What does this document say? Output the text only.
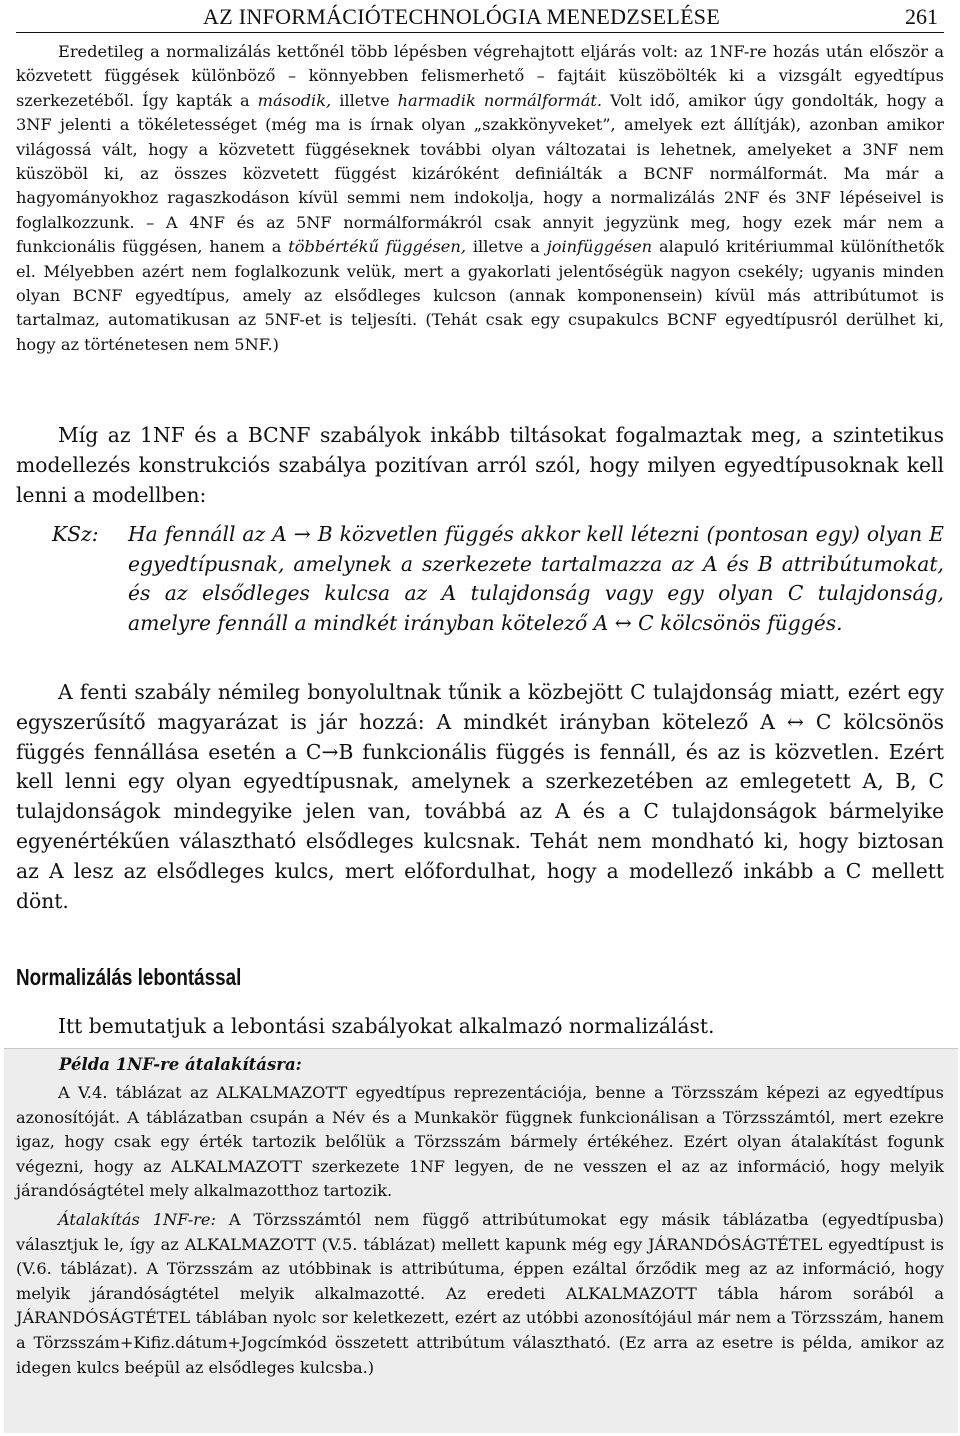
AZ INFORMÁCIÓTECHNOLÓGIA MENEDZSELÉSE	261

Eredetileg a normalizálás kettőnél több lépésben végrehajtott eljárás volt: az 1NF-re hozás után először a közvetett függések különböző – könnyebben felismerhető – fajtáit küszöbölték ki a vizsgált egyedtípus szerkezetéből. Így kapták a második, illetve harmadik normálformát. Volt idő, amikor úgy gondolták, hogy a 3NF jelenti a tökéletességet (még ma is írnak olyan „szakkönyveket”, amelyek ezt állítják), azonban amikor világossá vált, hogy a közvetett függéseknek további olyan változatai is lehetnek, amelyeket a 3NF nem küszöböl ki, az összes közvetett függést kizáróként definiálták a BCNF normálformát. Ma már a hagyományokhoz ragaszkodáson kívül semmi nem indokolja, hogy a normalizálás 2NF és 3NF lépéseivel is foglalkozzunk. – A 4NF és az 5NF normálformákról csak annyit jegyzünk meg, hogy ezek már nem a funkcionális függésen, hanem a többértékű függésen, illetve a joinfüggésen alapuló kritériummal különíthetők el. Mélyebben azért nem foglalkozunk velük, mert a gyakorlati jelentőségük nagyon csekély; ugyanis minden olyan BCNF egyedtípus, amely az elsődleges kulcson (annak komponensein) kívül más attribútumot is tartalmaz, automatikusan az 5NF-et is teljesíti. (Tehát csak egy csupakulcs BCNF egyedtípusról derülhet ki, hogy az történetesen nem 5NF.)

Míg az 1NF és a BCNF szabályok inkább tiltásokat fogalmaztak meg, a szintetikus modellezés konstrukciós szabálya pozitívan arról szól, hogy milyen egyedtípusoknak kell lenni a modellben:

KSz: Ha fennáll az A → B közvetlen függés akkor kell létezni (pontosan egy) olyan E egyedtípusnak, amelynek a szerkezete tartalmazza az A és B attribútumokat, és az elsődleges kulcsa az A tulajdonság vagy egy olyan C tulajdonság, amelyre fennáll a mindkét irányban kötelező A ↔ C kölcsönös függés.

A fenti szabály némileg bonyolultnak tűnik a közbejött C tulajdonság miatt, ezért egy egyszerűsítő magyarázat is jár hozzá: A mindkét irányban kötelező A ↔ C kölcsönös függés fennállása esetén a C→B funkcionális függés is fennáll, és az is közvetlen. Ezért kell lenni egy olyan egyedtípusnak, amelynek a szerkezetében az emlegetett A, B, C tulajdonságok mindegyike jelen van, továbbá az A és a C tulajdonságok bármelyike egyenértékűen választható elsődleges kulcsnak. Tehát nem mondható ki, hogy biztosan az A lesz az elsődleges kulcs, mert előfordulhat, hogy a modellező inkább a C mellett dönt.

Normalizálás lebontással
Itt bemutatjuk a lebontási szabályokat alkalmazó normalizálást.
Példa 1NF-re átalakításra:

A V.4. táblázat az ALKALMAZOTT egyedtípus reprezentációja, benne a Törzsszám képezi az egyedtípus azonosítóját. A táblázatban csupán a Név és a Munkakör függnek funkcionálisan a Törzsszámtól, mert ezekre igaz, hogy csak egy érték tartozik belőlük a Törzsszám bármely értékéhez. Ezért olyan átalakítást fogunk végezni, hogy az ALKALMAZOTT szerkezete 1NF legyen, de ne vesszen el az az információ, hogy melyik járandóságtétel mely alkalmazotthoz tartozik.

Átalakítás 1NF-re: A Törzsszámtól nem függő attribútumokat egy másik táblázatba (egyedtípusba) választjuk le, így az ALKALMAZOTT (V.5. táblázat) mellett kapunk még egy JÁRANDÓSÁGTÉTEL egyedtípust is (V.6. táblázat). A Törzsszám az utóbbinak is attribútuma, éppen ezáltal őrződik meg az az információ, hogy melyik járandóságtétel melyik alkalmazotté. Az eredeti ALKALMAZOTT tábla három sorából a JÁRANDÓSÁGTÉTEL táblában nyolc sor keletkezett, ezért az utóbbi azonosítójául már nem a Törzsszám, hanem a Törzsszám+Kifiz.dátum+Jogcímkód összetett attribútum választható. (Ez arra az esetre is példa, amikor az idegen kulcs beépül az elsődleges kulcsba.)
